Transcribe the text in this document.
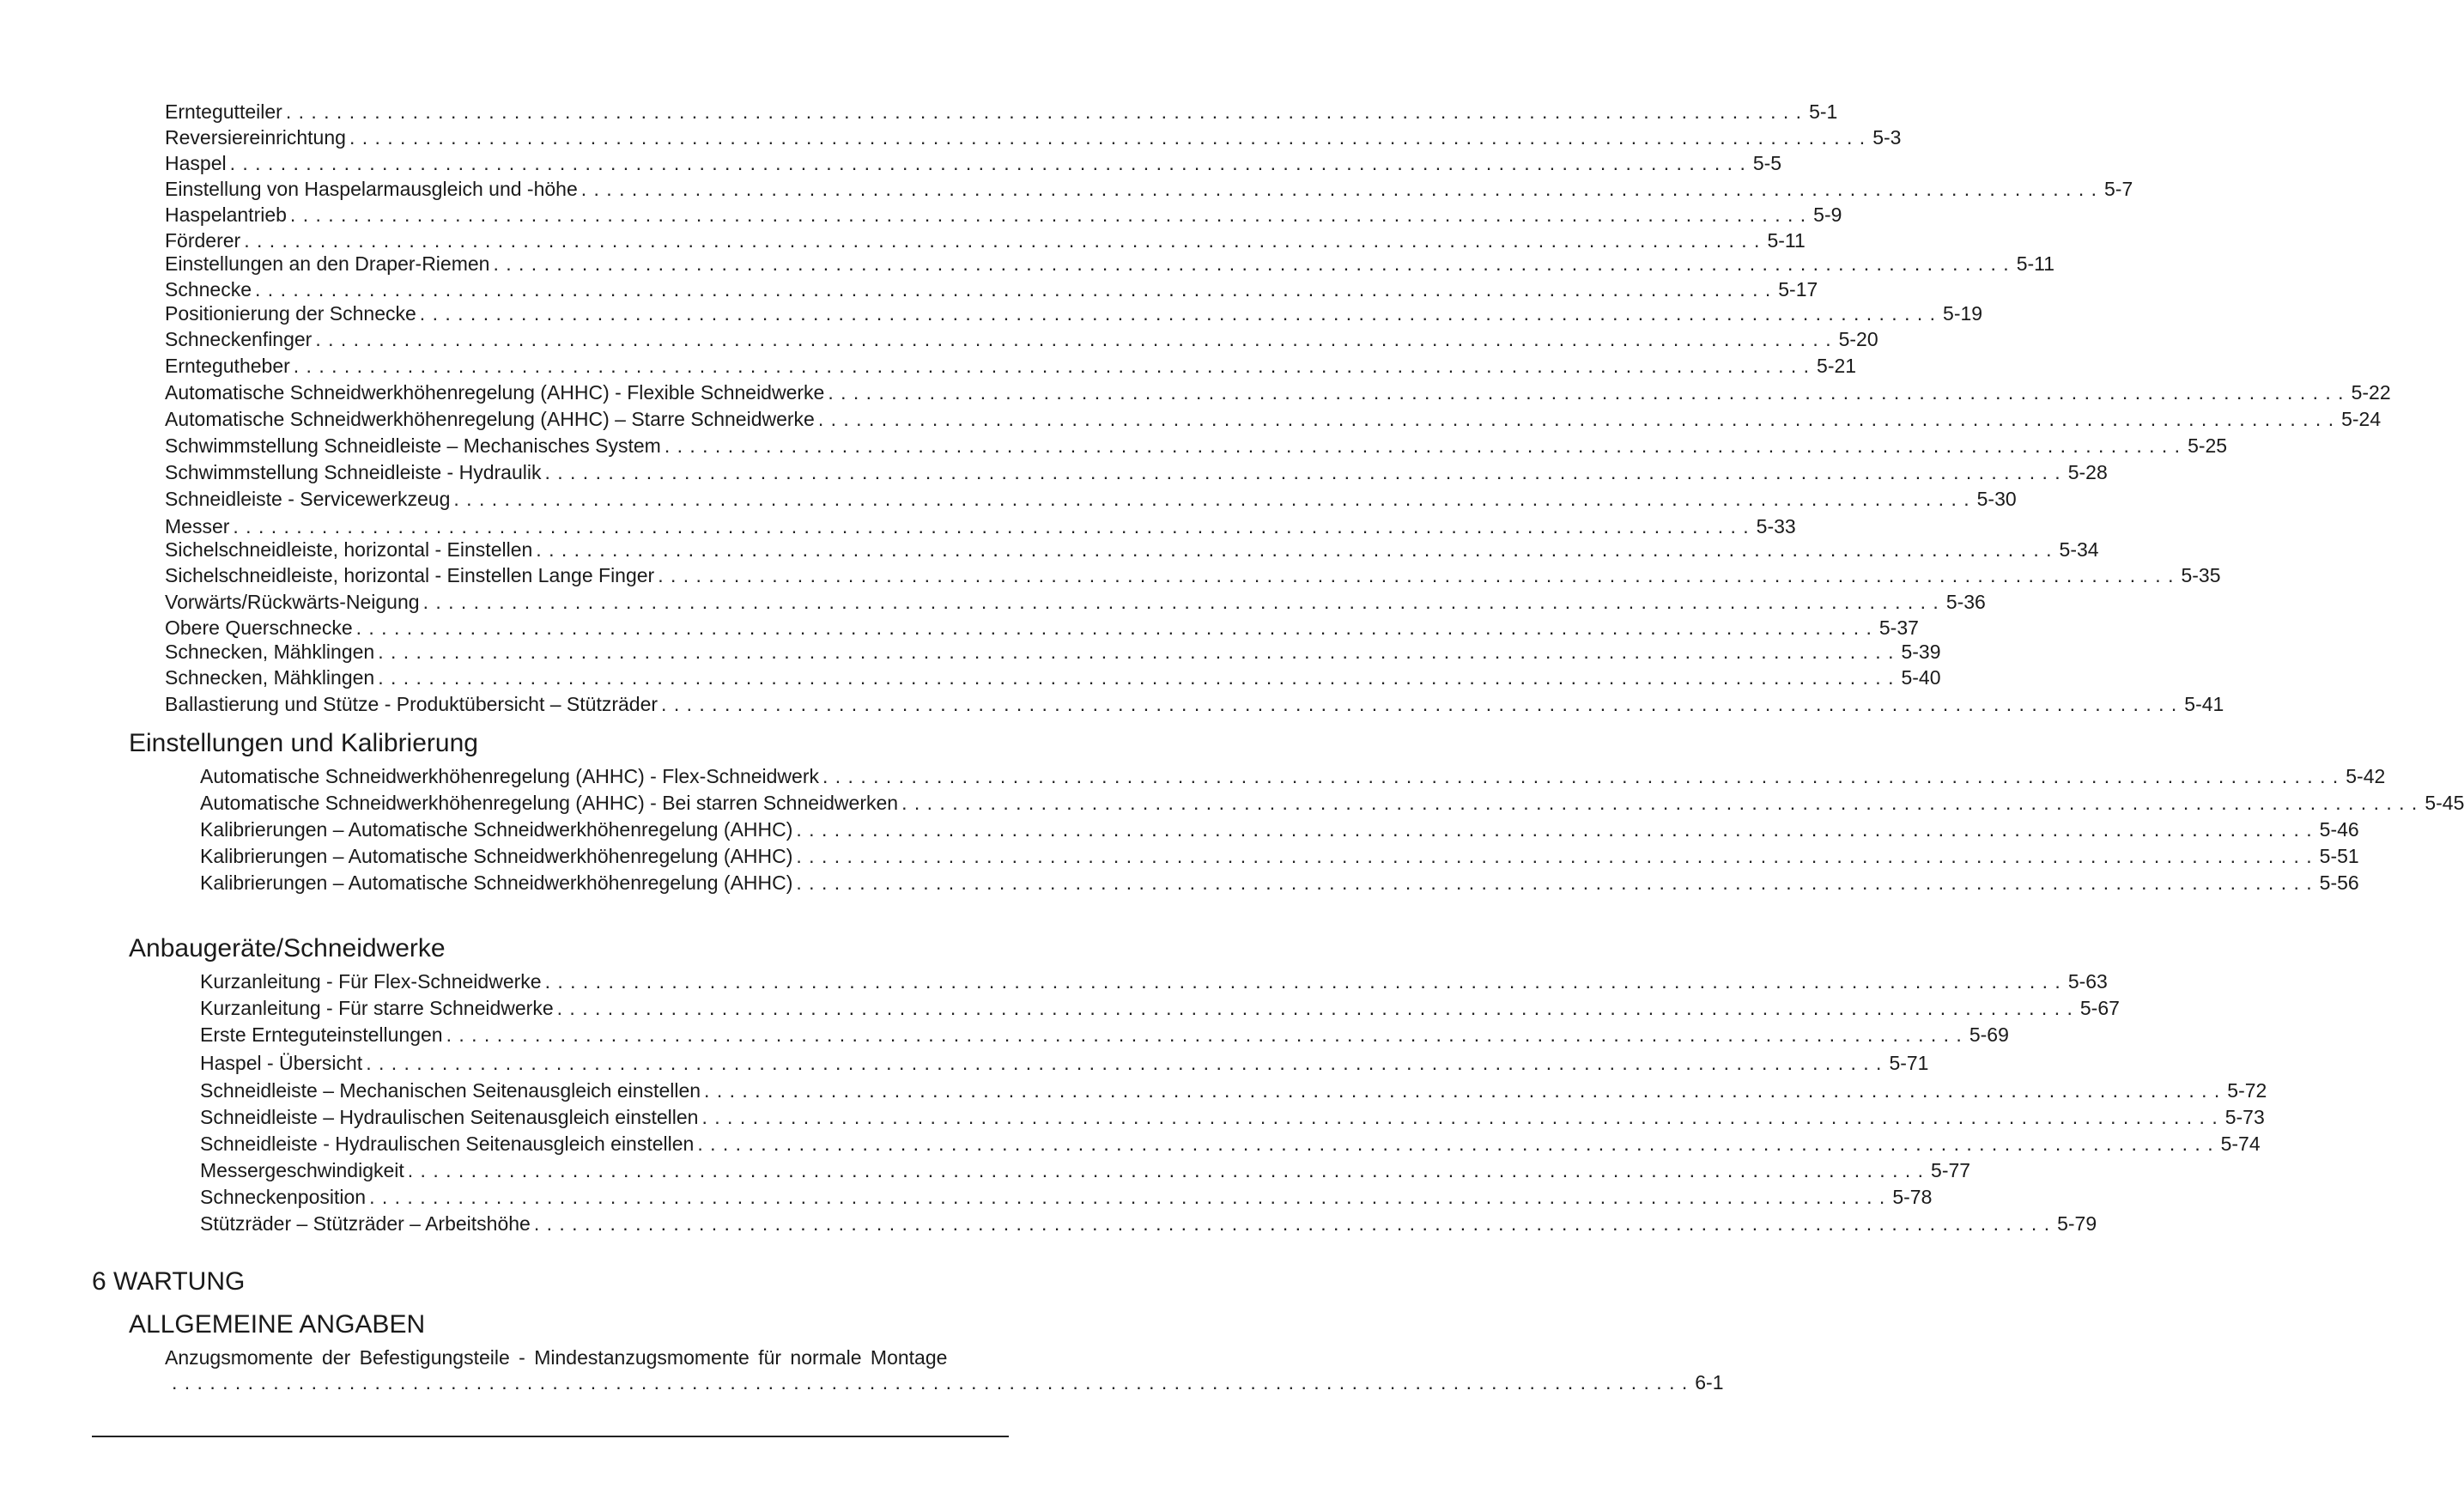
Erntegutteiler . . . . . . . . . . . . . . . . . . . . . . . . . . . . . . . . . . . . . . . . . . . . . . . . . . . . . . . . . . . . . . . . . . . . . . . . . . . . . . . . . . . . . . . . . . . . . . . . . . . . . . . . . . . . . . . . . . . . . . . . 5-1
Reversiereinrichtung . . . . . . . . . . . . . . . . . . . . . . . . . . . . . . . . . . . . . . . . . . . . . . . . . . . . . . . . . . . . . . . . . . . . . . . . . . . . . . . . . . . . . . . . . . . . . . . . . . . . . . . . . . . . . . . . . . . . . . . . 5-3
Haspel . . . . . . . . . . . . . . . . . . . . . . . . . . . . . . . . . . . . . . . . . . . . . . . . . . . . . . . . . . . . . . . . . . . . . . . . . . . . . . . . . . . . . . . . . . . . . . . . . . . . . . . . . . . . . . . . . . . . . . . . 5-5
Einstellung von Haspelarmausgleich und -höhe . . . . . . . . . . . . . . . . . . . . . . . . . . . . . . . . . . . . . . . . . . . . . . . . . . . . . . . . . . . . . . . . . . . . . . . . . . . . . . . . . . . . . . . . . . . . . . . . . . . . . . . . . . . . . . . . . . . . . . . . 5-7
Haspelantrieb . . . . . . . . . . . . . . . . . . . . . . . . . . . . . . . . . . . . . . . . . . . . . . . . . . . . . . . . . . . . . . . . . . . . . . . . . . . . . . . . . . . . . . . . . . . . . . . . . . . . . . . . . . . . . . . . . . . . . . . . 5-9
Förderer . . . . . . . . . . . . . . . . . . . . . . . . . . . . . . . . . . . . . . . . . . . . . . . . . . . . . . . . . . . . . . . . . . . . . . . . . . . . . . . . . . . . . . . . . . . . . . . . . . . . . . . . . . . . . . . . . . . . . . . . 5-11
Einstellungen an den Draper-Riemen . . . . . . . . . . . . . . . . . . . . . . . . . . . . . . . . . . . . . . . . . . . . . . . . . . . . . . . . . . . . . . . . . . . . . . . . . . . . . . . . . . . . . . . . . . . . . . . . . . . . . . . . . . . . . . . . . . . . . . . . 5-11
Schnecke . . . . . . . . . . . . . . . . . . . . . . . . . . . . . . . . . . . . . . . . . . . . . . . . . . . . . . . . . . . . . . . . . . . . . . . . . . . . . . . . . . . . . . . . . . . . . . . . . . . . . . . . . . . . . . . . . . . . . . . . 5-17
Positionierung der Schnecke . . . . . . . . . . . . . . . . . . . . . . . . . . . . . . . . . . . . . . . . . . . . . . . . . . . . . . . . . . . . . . . . . . . . . . . . . . . . . . . . . . . . . . . . . . . . . . . . . . . . . . . . . . . . . . . . . . . . . . . . 5-19
Schneckenfinger . . . . . . . . . . . . . . . . . . . . . . . . . . . . . . . . . . . . . . . . . . . . . . . . . . . . . . . . . . . . . . . . . . . . . . . . . . . . . . . . . . . . . . . . . . . . . . . . . . . . . . . . . . . . . . . . . . . . . . . . 5-20
Erntegutheber . . . . . . . . . . . . . . . . . . . . . . . . . . . . . . . . . . . . . . . . . . . . . . . . . . . . . . . . . . . . . . . . . . . . . . . . . . . . . . . . . . . . . . . . . . . . . . . . . . . . . . . . . . . . . . . . . . . . . . . . 5-21
Automatische Schneidwerkhöhenregelung (AHHC) - Flexible Schneidwerke . . . . . . . . . . . . . . . . . . . . . . . . . . . . . . . . . . . . . . . . . . . . . . . . . . . . . . . . . . . . . . . . . . . . . . . . . . . . . . . . . . . . . . . . . . . . . . . . . . . . . . . . . . . . . . . . . . . . . . . . 5-22
Automatische Schneidwerkhöhenregelung (AHHC) – Starre Schneidwerke . . . . . . . . . . . . . . . . . . . . . . . . . . . . . . . . . . . . . . . . . . . . . . . . . . . . . . . . . . . . . . . . . . . . . . . . . . . . . . . . . . . . . . . . . . . . . . . . . . . . . . . . . . . . . . . . . . . . . . . . 5-24
Schwimmstellung Schneidleiste – Mechanisches System . . . . . . . . . . . . . . . . . . . . . . . . . . . . . . . . . . . . . . . . . . . . . . . . . . . . . . . . . . . . . . . . . . . . . . . . . . . . . . . . . . . . . . . . . . . . . . . . . . . . . . . . . . . . . . . . . . . . . . . . 5-25
Schwimmstellung Schneidleiste - Hydraulik . . . . . . . . . . . . . . . . . . . . . . . . . . . . . . . . . . . . . . . . . . . . . . . . . . . . . . . . . . . . . . . . . . . . . . . . . . . . . . . . . . . . . . . . . . . . . . . . . . . . . . . . . . . . . . . . . . . . . . . . 5-28
Schneidleiste - Servicewerkzeug . . . . . . . . . . . . . . . . . . . . . . . . . . . . . . . . . . . . . . . . . . . . . . . . . . . . . . . . . . . . . . . . . . . . . . . . . . . . . . . . . . . . . . . . . . . . . . . . . . . . . . . . . . . . . . . . . . . . . . . . 5-30
Messer . . . . . . . . . . . . . . . . . . . . . . . . . . . . . . . . . . . . . . . . . . . . . . . . . . . . . . . . . . . . . . . . . . . . . . . . . . . . . . . . . . . . . . . . . . . . . . . . . . . . . . . . . . . . . . . . . . . . . . . . 5-33
Sichelschneidleiste, horizontal - Einstellen . . . . . . . . . . . . . . . . . . . . . . . . . . . . . . . . . . . . . . . . . . . . . . . . . . . . . . . . . . . . . . . . . . . . . . . . . . . . . . . . . . . . . . . . . . . . . . . . . . . . . . . . . . . . . . . . . . . . . . . . 5-34
Sichelschneidleiste, horizontal - Einstellen Lange Finger . . . . . . . . . . . . . . . . . . . . . . . . . . . . . . . . . . . . . . . . . . . . . . . . . . . . . . . . . . . . . . . . . . . . . . . . . . . . . . . . . . . . . . . . . . . . . . . . . . . . . . . . . . . . . . . . . . . . . . . . 5-35
Vorwärts/Rückwärts-Neigung . . . . . . . . . . . . . . . . . . . . . . . . . . . . . . . . . . . . . . . . . . . . . . . . . . . . . . . . . . . . . . . . . . . . . . . . . . . . . . . . . . . . . . . . . . . . . . . . . . . . . . . . . . . . . . . . . . . . . . . . 5-36
Obere Querschnecke . . . . . . . . . . . . . . . . . . . . . . . . . . . . . . . . . . . . . . . . . . . . . . . . . . . . . . . . . . . . . . . . . . . . . . . . . . . . . . . . . . . . . . . . . . . . . . . . . . . . . . . . . . . . . . . . . . . . . . . . 5-37
Schnecken, Mähklingen . . . . . . . . . . . . . . . . . . . . . . . . . . . . . . . . . . . . . . . . . . . . . . . . . . . . . . . . . . . . . . . . . . . . . . . . . . . . . . . . . . . . . . . . . . . . . . . . . . . . . . . . . . . . . . . . . . . . . . . . 5-39
Schnecken, Mähklingen . . . . . . . . . . . . . . . . . . . . . . . . . . . . . . . . . . . . . . . . . . . . . . . . . . . . . . . . . . . . . . . . . . . . . . . . . . . . . . . . . . . . . . . . . . . . . . . . . . . . . . . . . . . . . . . . . . . . . . . . 5-40
Ballastierung und Stütze - Produktübersicht – Stützräder . . . . . . . . . . . . . . . . . . . . . . . . . . . . . . . . . . . . . . . . . . . . . . . . . . . . . . . . . . . . . . . . . . . . . . . . . . . . . . . . . . . . . . . . . . . . . . . . . . . . . . . . . . . . . . . . . . . . . . . . 5-41
Einstellungen und Kalibrierung
Automatische Schneidwerkhöhenregelung (AHHC) - Flex-Schneidwerk . . . . . . . . . . . . . . . . . . . . . . . . . . . . . . . . . . . . . . . . . . . . . . . . . . . . . . . . . . . . . . . . . . . . . . . . . . . . . . . . . . . . . . . . . . . . . . . . . . . . . . . . . . . . . . . . . . . . . . . . 5-42
Automatische Schneidwerkhöhenregelung (AHHC) - Bei starren Schneidwerken . . . . . . . . . . . . . . . . . . . . . . . . . . . . . . . . . . . . . . . . . . . . . . . . . . . . . . . . . . . . . . . . . . . . . . . . . . . . . . . . . . . . . . . . . . . . . . . . . . . . . . . . . . . . . . . . . . . . . . . . 5-45
Kalibrierungen – Automatische Schneidwerkhöhenregelung (AHHC) . . . . . . . . . . . . . . . . . . . . . . . . . . . . . . . . . . . . . . . . . . . . . . . . . . . . . . . . . . . . . . . . . . . . . . . . . . . . . . . . . . . . . . . . . . . . . . . . . . . . . . . . . . . . . . . . . . . . . . . . 5-46
Kalibrierungen – Automatische Schneidwerkhöhenregelung (AHHC) . . . . . . . . . . . . . . . . . . . . . . . . . . . . . . . . . . . . . . . . . . . . . . . . . . . . . . . . . . . . . . . . . . . . . . . . . . . . . . . . . . . . . . . . . . . . . . . . . . . . . . . . . . . . . . . . . . . . . . . . 5-51
Kalibrierungen – Automatische Schneidwerkhöhenregelung (AHHC) . . . . . . . . . . . . . . . . . . . . . . . . . . . . . . . . . . . . . . . . . . . . . . . . . . . . . . . . . . . . . . . . . . . . . . . . . . . . . . . . . . . . . . . . . . . . . . . . . . . . . . . . . . . . . . . . . . . . . . . . 5-56
Anbaugeräte/Schneidwerke
Kurzanleitung - Für Flex-Schneidwerke . . . . . . . . . . . . . . . . . . . . . . . . . . . . . . . . . . . . . . . . . . . . . . . . . . . . . . . . . . . . . . . . . . . . . . . . . . . . . . . . . . . . . . . . . . . . . . . . . . . . . . . . . . . . . . . . . . . . . . . . 5-63
Kurzanleitung - Für starre Schneidwerke . . . . . . . . . . . . . . . . . . . . . . . . . . . . . . . . . . . . . . . . . . . . . . . . . . . . . . . . . . . . . . . . . . . . . . . . . . . . . . . . . . . . . . . . . . . . . . . . . . . . . . . . . . . . . . . . . . . . . . . . 5-67
Erste Ernteguteinstellungen . . . . . . . . . . . . . . . . . . . . . . . . . . . . . . . . . . . . . . . . . . . . . . . . . . . . . . . . . . . . . . . . . . . . . . . . . . . . . . . . . . . . . . . . . . . . . . . . . . . . . . . . . . . . . . . . . . . . . . . . 5-69
Haspel - Übersicht . . . . . . . . . . . . . . . . . . . . . . . . . . . . . . . . . . . . . . . . . . . . . . . . . . . . . . . . . . . . . . . . . . . . . . . . . . . . . . . . . . . . . . . . . . . . . . . . . . . . . . . . . . . . . . . . . . . . . . . . 5-71
Schneidleiste – Mechanischen Seitenausgleich einstellen . . . . . . . . . . . . . . . . . . . . . . . . . . . . . . . . . . . . . . . . . . . . . . . . . . . . . . . . . . . . . . . . . . . . . . . . . . . . . . . . . . . . . . . . . . . . . . . . . . . . . . . . . . . . . . . . . . . . . . . . 5-72
Schneidleiste – Hydraulischen Seitenausgleich einstellen . . . . . . . . . . . . . . . . . . . . . . . . . . . . . . . . . . . . . . . . . . . . . . . . . . . . . . . . . . . . . . . . . . . . . . . . . . . . . . . . . . . . . . . . . . . . . . . . . . . . . . . . . . . . . . . . . . . . . . . . 5-73
Schneidleiste - Hydraulischen Seitenausgleich einstellen . . . . . . . . . . . . . . . . . . . . . . . . . . . . . . . . . . . . . . . . . . . . . . . . . . . . . . . . . . . . . . . . . . . . . . . . . . . . . . . . . . . . . . . . . . . . . . . . . . . . . . . . . . . . . . . . . . . . . . . . 5-74
Messergeschwindigkeit . . . . . . . . . . . . . . . . . . . . . . . . . . . . . . . . . . . . . . . . . . . . . . . . . . . . . . . . . . . . . . . . . . . . . . . . . . . . . . . . . . . . . . . . . . . . . . . . . . . . . . . . . . . . . . . . . . . . . . . . 5-77
Schneckenposition . . . . . . . . . . . . . . . . . . . . . . . . . . . . . . . . . . . . . . . . . . . . . . . . . . . . . . . . . . . . . . . . . . . . . . . . . . . . . . . . . . . . . . . . . . . . . . . . . . . . . . . . . . . . . . . . . . . . . . . . 5-78
Stützräder – Stützräder – Arbeitshöhe . . . . . . . . . . . . . . . . . . . . . . . . . . . . . . . . . . . . . . . . . . . . . . . . . . . . . . . . . . . . . . . . . . . . . . . . . . . . . . . . . . . . . . . . . . . . . . . . . . . . . . . . . . . . . . . . . . . . . . . . 5-79
6 WARTUNG
ALLGEMEINE ANGABEN
Anzugsmomente der Befestigungsteile - Mindestanzugsmomente für normale Montage
. . . . . . . . . . . . . . . . . . . . . . . . . . . . . . . . . . . . . . . . . . . . . . . . . . . . . . . . . . . . . . . . . . . . . . . . . . . . . . . . . . . . . . . . . . . . . . . . . . . . . . . . . . . . . . . . . . . . . . . . 6-1
